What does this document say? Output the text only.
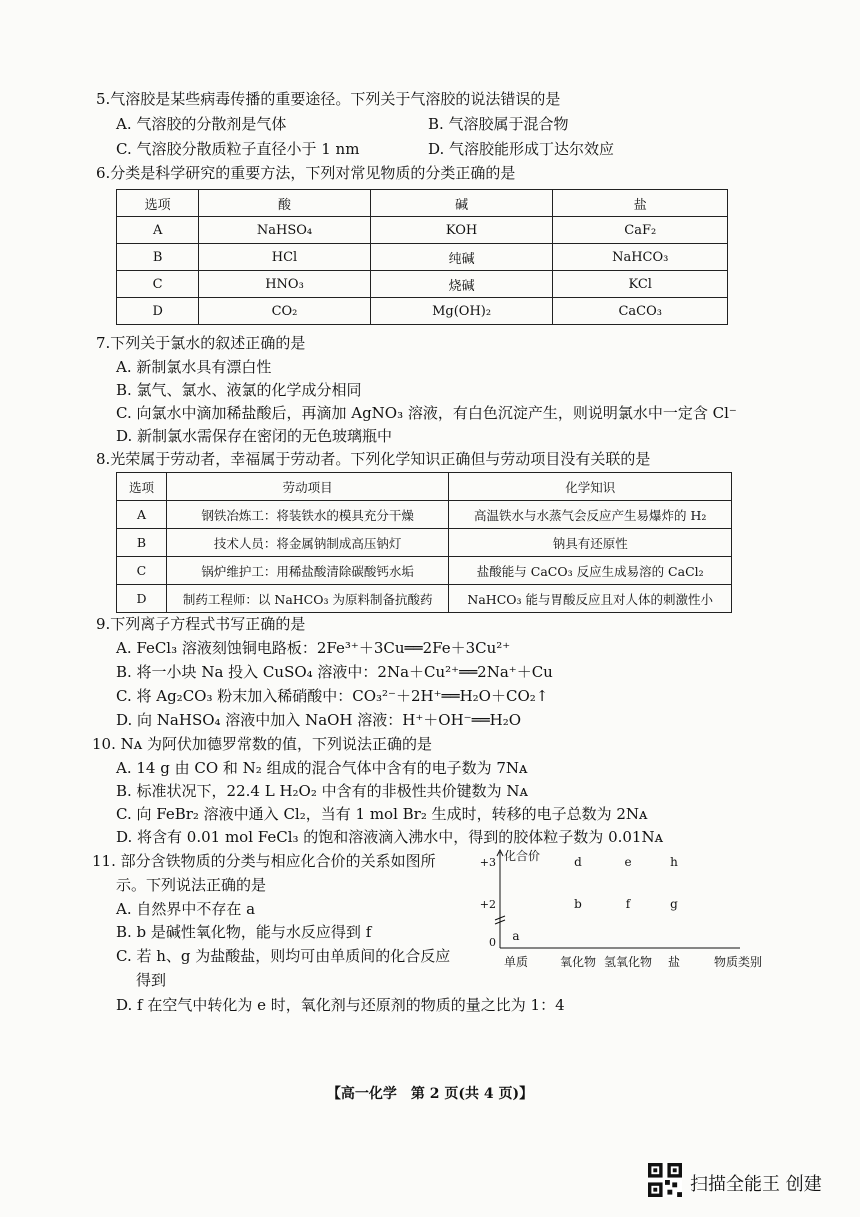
5.气溶胶是某些病毒传播的重要途径。下列关于气溶胶的说法错误的是
A. 气溶胶的分散剂是气体	B. 气溶胶属于混合物
C. 气溶胶分散质粒子直径小于 1 nm	D. 气溶胶能形成丁达尔效应
6.分类是科学研究的重要方法，下列对常见物质的分类正确的是
选项	酸	碱	盐
A	NaHSO₄	KOH	CaF₂
B	HCl	纯碱	NaHCO₃
C	HNO₃	烧碱	KCl
D	CO₂	Mg(OH)₂	CaCO₃
7.下列关于氯水的叙述正确的是
A. 新制氯水具有漂白性
B. 氯气、氯水、液氯的化学成分相同
C. 向氯水中滴加稀盐酸后，再滴加 AgNO₃ 溶液，有白色沉淀产生，则说明氯水中一定含 Cl⁻
D. 新制氯水需保存在密闭的无色玻璃瓶中
8.光荣属于劳动者，幸福属于劳动者。下列化学知识正确但与劳动项目没有关联的是
选项	劳动项目	化学知识
A	钢铁冶炼工：将装铁水的模具充分干燥	高温铁水与水蒸气会反应产生易爆炸的 H₂
B	技术人员：将金属钠制成高压钠灯	钠具有还原性
C	锅炉维护工：用稀盐酸清除碳酸钙水垢	盐酸能与 CaCO₃ 反应生成易溶的 CaCl₂
D	制药工程师：以 NaHCO₃ 为原料制备抗酸药	NaHCO₃ 能与胃酸反应且对人体的刺激性小
9.下列离子方程式书写正确的是
A. FeCl₃ 溶液刻蚀铜电路板：2Fe³⁺＋3Cu══2Fe＋3Cu²⁺
B. 将一小块 Na 投入 CuSO₄ 溶液中：2Na＋Cu²⁺══2Na⁺＋Cu
C. 将 Ag₂CO₃ 粉末加入稀硝酸中：CO₃²⁻＋2H⁺══H₂O＋CO₂↑
D. 向 NaHSO₄ 溶液中加入 NaOH 溶液：H⁺＋OH⁻══H₂O
10. Nᴀ 为阿伏加德罗常数的值，下列说法正确的是
A. 14 g 由 CO 和 N₂ 组成的混合气体中含有的电子数为 7Nᴀ
B. 标准状况下，22.4 L H₂O₂ 中含有的非极性共价键数为 Nᴀ
C. 向 FeBr₂ 溶液中通入 Cl₂，当有 1 mol Br₂ 生成时，转移的电子总数为 2Nᴀ
D. 将含有 0.01 mol FeCl₃ 的饱和溶液滴入沸水中，得到的胶体粒子数为 0.01Nᴀ
11. 部分含铁物质的分类与相应化合价的关系如图所
示。下列说法正确的是
A. 自然界中不存在 a
B. b 是碱性氧化物，能与水反应得到 f
C. 若 h、g 为盐酸盐，则均可由单质间的化合反应
得到
D. f 在空气中转化为 e 时，氧化剂与还原剂的物质的量之比为 1：4
+3
+2
0
化合价
单质	氧化物 氢氧化物 盐	物质类别
a
b	f	g
d	e	h
【高一化学　第 2 页(共 4 页)】
扫描全能王 创建
